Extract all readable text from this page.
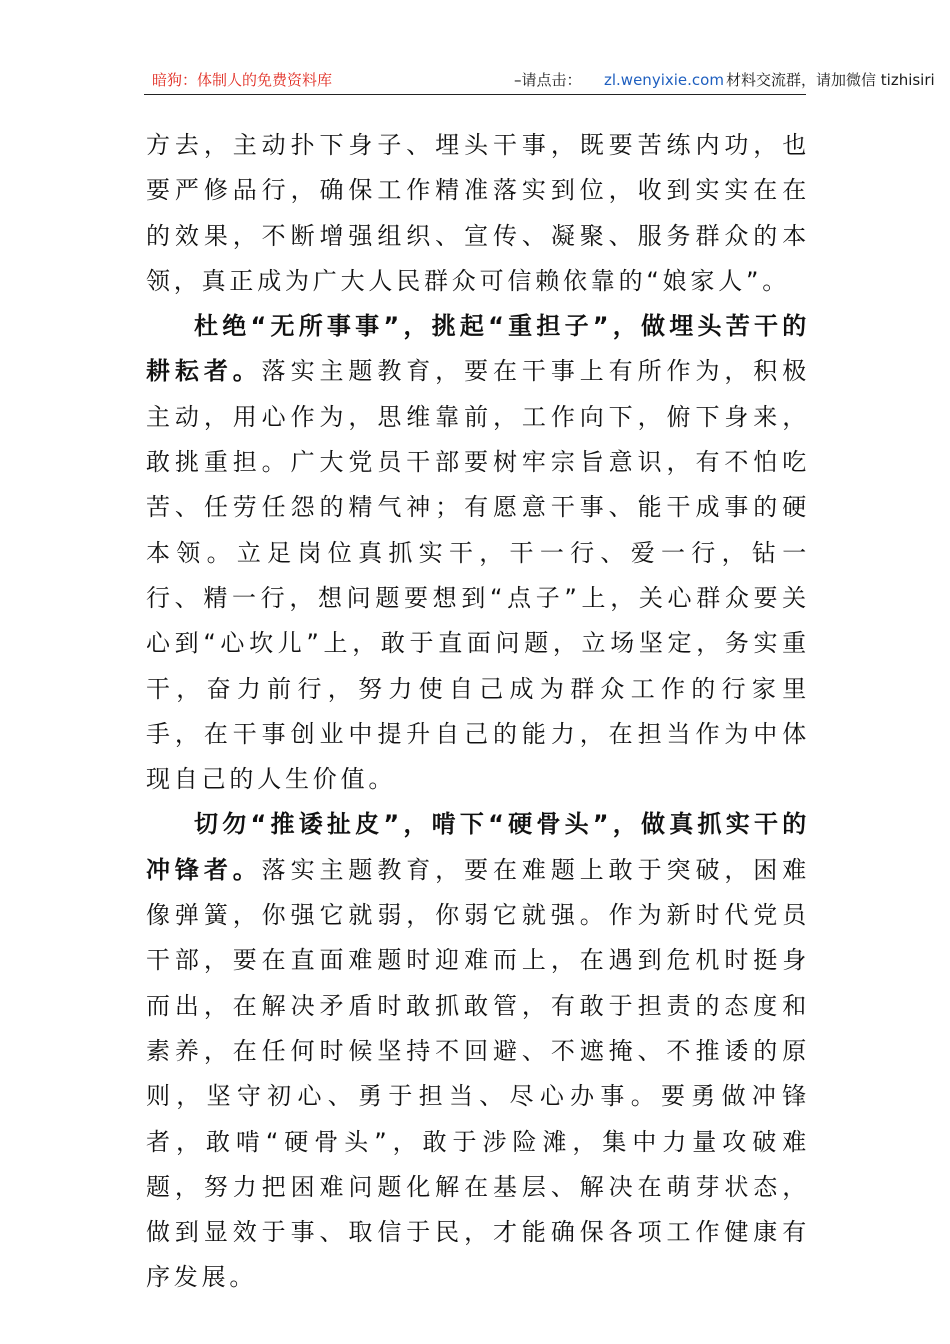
暗狗：体制人的免费资料库	–请点击： zl.wenyixie.com 材料交流群，请加微信 tizhisiri

方去，主动扑下身子、埋头干事，既要苦练内功，也要严修品行，确保工作精准落实到位，收到实实在在的效果，不断增强组织、宣传、凝聚、服务群众的本领，真正成为广大人民群众可信赖依靠的“娘家人”。

杜绝“无所事事”，挑起“重担子”，做埋头苦干的耕耘者。落实主题教育，要在干事上有所作为，积极主动，用心作为，思维靠前，工作向下，俯下身来，敢挑重担。广大党员干部要树牢宗旨意识，有不怕吃苦、任劳任怨的精气神；有愿意干事、能干成事的硬本领。立足岗位真抓实干，干一行、爱一行，钻一行、精一行，想问题要想到“点子”上，关心群众要关心到“心坎儿”上，敢于直面问题，立场坚定，务实重干，奋力前行，努力使自己成为群众工作的行家里手，在干事创业中提升自己的能力，在担当作为中体现自己的人生价值。

切勿“推诿扯皮”，啃下“硬骨头”，做真抓实干的冲锋者。落实主题教育，要在难题上敢于突破，困难像弹簧，你强它就弱，你弱它就强。作为新时代党员干部，要在直面难题时迎难而上，在遇到危机时挺身而出，在解决矛盾时敢抓敢管，有敢于担责的态度和素养，在任何时候坚持不回避、不遮掩、不推诿的原则，坚守初心、勇于担当、尽心办事。要勇做冲锋者，敢啃“硬骨头”，敢于涉险滩，集中力量攻破难题，努力把困难问题化解在基层、解决在萌芽状态，做到显效于事、取信于民，才能确保各项工作健康有序发展。
